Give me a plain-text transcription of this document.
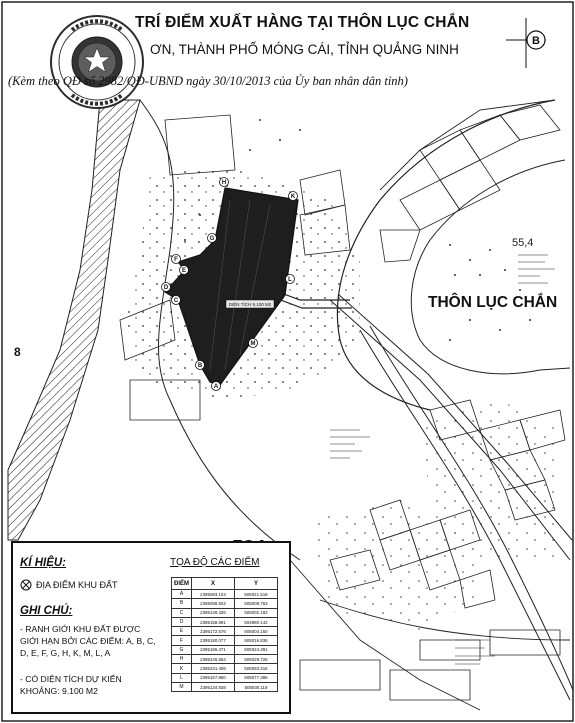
DIỆN TÍCH 9.100 M2
A
B
C
D
E
F
G
H
K
L
M
8
B
TRÍ ĐIỂM XUẤT HÀNG TẠI THÔN LỤC CHẮN
ƠN, THÀNH PHỐ MÓNG CÁI, TỈNH QUẢNG NINH
(Kèm theo QĐ số 2982/QĐ-UBND ngày 30/10/2013 của Ủy ban nhân dân tỉnh)
THÔN LỤC CHẮN
55,4
KÍ HIỆU:
ĐỊA ĐIỂM KHU ĐẤT
GHI CHÚ:
- RANH GIỚI KHU ĐẤT ĐƯỢC GIỚI HẠN BỞI CÁC ĐIỂM: A, B, C, D, E, F, G, H, K, M, L, A
- CÓ DIỆN TÍCH DỰ KIẾN KHOẢNG: 9.100 M2
TỌA ĐỘ CÁC ĐIỂM
ĐIỂM	X	Y
A	2395083.104	505021.518
B	2395098.922	505008.753
C	2395149.336	505002.182
D	2395158.991	504980.142
E	2395172.576	505004.160
F	2395180.077	505016.836
G	2395186.471	505024.391
H	2395245.554	505029.726
K	2395231.406	505093.316
L	2395167.860	505077.386
M	2395134.938	505030.119
